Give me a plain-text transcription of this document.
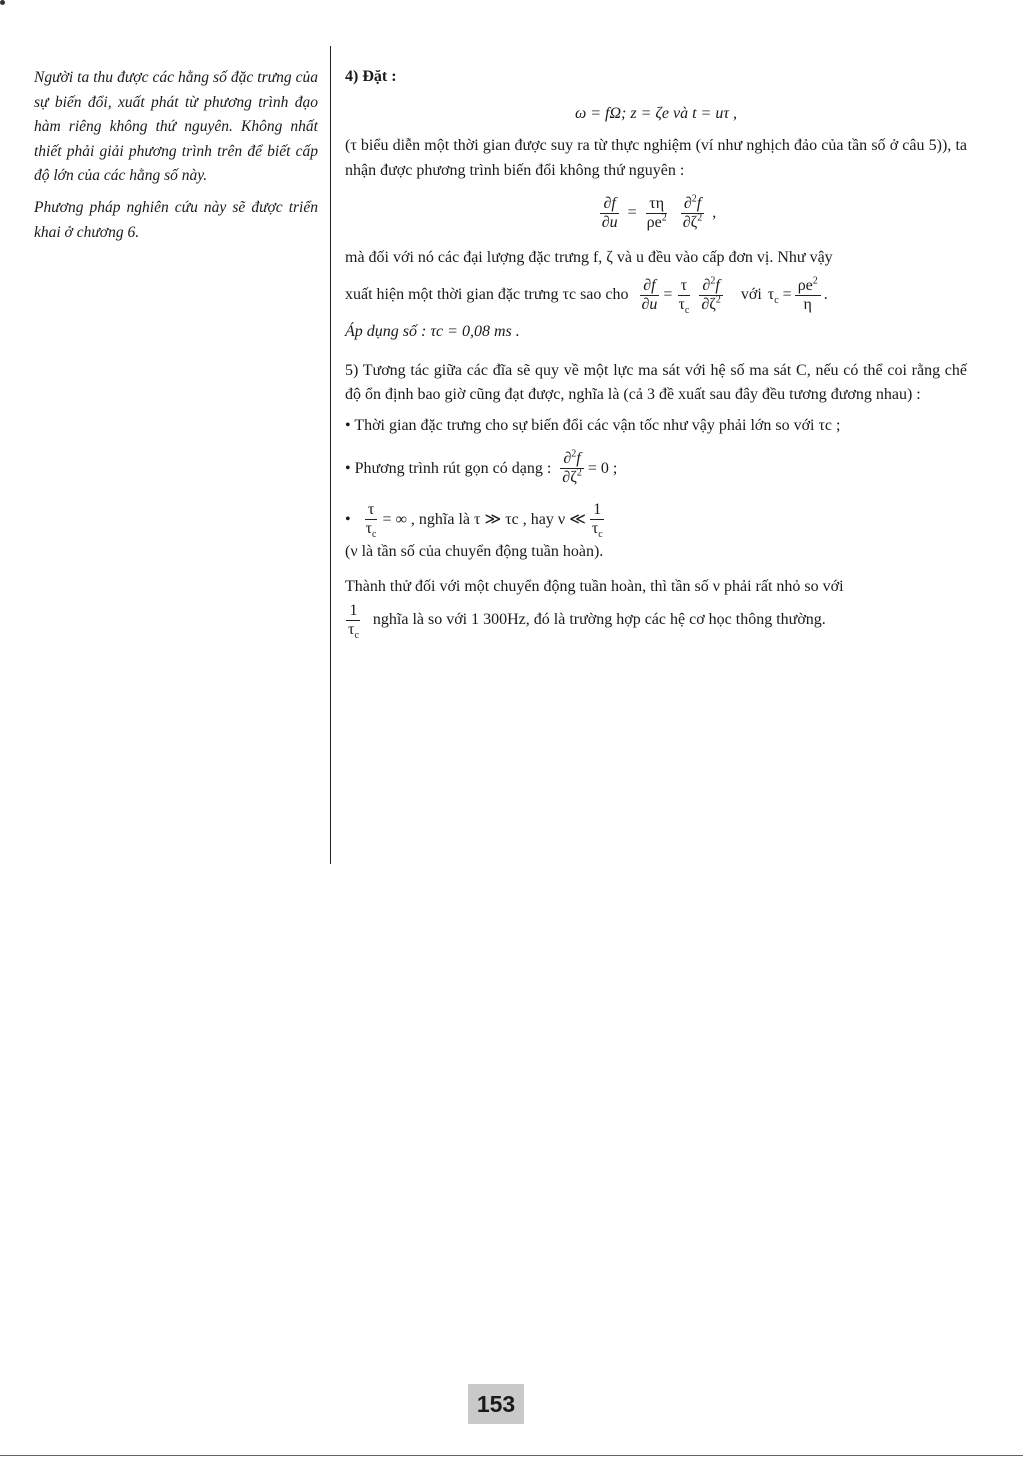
Người ta thu được các hằng số đặc trưng của sự biến đổi, xuất phát từ phương trình đạo hàm riêng không thứ nguyên. Không nhất thiết phải giải phương trình trên để biết cấp độ lớn của các hằng số này.

Phương pháp nghiên cứu này sẽ được triển khai ở chương 6.

4) Đặt :

ω = fΩ; z = ζe và t = uτ ,

(τ biểu diễn một thời gian được suy ra từ thực nghiệm (ví như nghịch đảo của tần số ở câu 5)), ta nhận được phương trình biến đổi không thứ nguyên :

$\frac{\partial f}{\partial u} = \frac{\tau\eta}{\rho e^2}$
$\frac{\partial^2f}{\partial\zeta^2}$ ,

mà đối với nó các đại lượng đặc trưng f, ζ và u đều vào cấp đơn vị. Như vậy

xuất hiện một thời gian đặc trưng τc sao cho $\frac{\partial f}{\partial u} = \frac{\tau}{\tau_c} \frac{\partial^2f}{\partial\zeta^2}$ với $\tau_c = \frac{\rho e^2}{\eta}$ .

Áp dụng số : τc = 0,08 ms .

5) Tương tác giữa các đĩa sẽ quy về một lực ma sát với hệ số ma sát C, nếu có thể coi rằng chế độ ổn định bao giờ cũng đạt được, nghĩa là (cả 3 đề xuất sau đây đều tương đương nhau) :

• Thời gian đặc trưng cho sự biến đổi các vận tốc như vậy phải lớn so với τc ;

• Phương trình rút gọn có dạng : $\frac{\partial^2f}{\partial\zeta^2} = 0$ ;
• $\frac{\tau}{\tau_c}$ = ∞ , nghĩa là τ ≫ τc , hay ν ≪ $\frac{1}{\tau_c}$

(ν là tần số của chuyển động tuần hoàn).

Thành thử đối với một chuyển động tuần hoàn, thì tần số ν phải rất nhỏ so với

$\frac{1}{\tau_c}$ nghĩa là so với 1 300Hz, đó là trường hợp các hệ cơ học thông thường.
153
